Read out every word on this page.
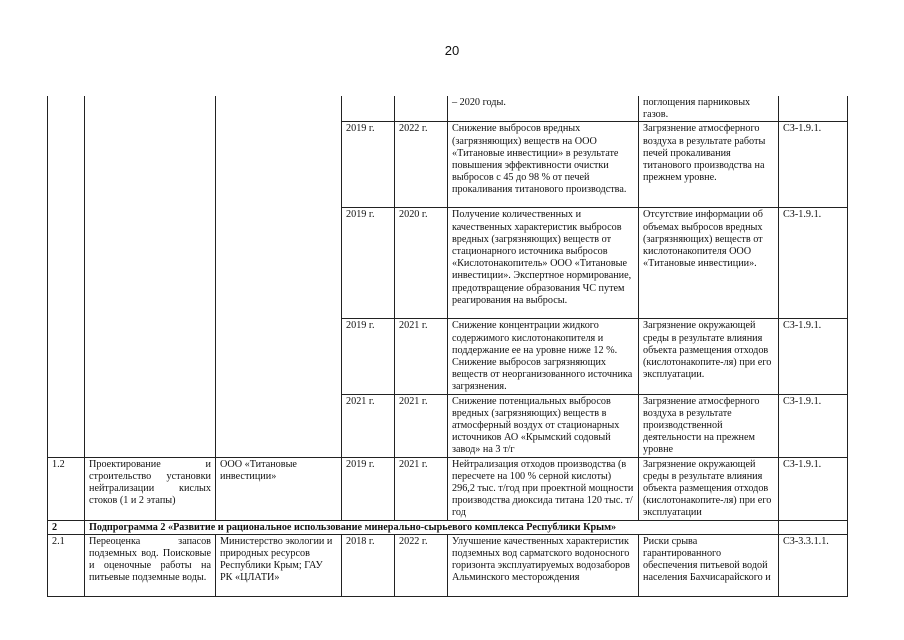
20
					– 2020 годы.	поглощения парниковых газов.	
			2019 г.	2022 г.	Снижение выбросов вредных (загрязняющих) веществ на ООО «Титановые инвестиции» в результате повышения эффективности очистки выбросов с 45 до 98 % от печей прокаливания титанового производства.	Загрязнение атмосферного воздуха в результате работы печей прокаливания титанового производства на прежнем уровне.	СЗ-1.9.1.
			2019 г.	2020 г.	Получение количественных и качественных характеристик выбросов вредных (загрязняющих) веществ от стационарного источника выбросов «Кислотонакопитель» ООО «Титановые инвестиции». Экспертное нормирование, предотвращение образования ЧС путем реагирования на выбросы.	Отсутствие информации об объемах выбросов вредных (загрязняющих) веществ от кислотонакопителя ООО «Титановые инвестиции».	СЗ-1.9.1.
			2019 г.	2021 г.	Снижение концентрации жидкого содержимого кислотонакопителя и поддержание ее на уровне ниже 12 %. Снижение выбросов загрязняющих веществ от неорганизованного источника загрязнения.	Загрязнение окружающей среды в результате влияния объекта размещения отходов (кислотонакопите-ля) при его эксплуатации.	СЗ-1.9.1.
			2021 г.	2021 г.	Снижение потенциальных выбросов вредных (загрязняющих) веществ в атмосферный воздух от стационарных источников АО «Крымский содовый завод» на 3 т/г	Загрязнение атмосферного воздуха в результате производственной деятельности на прежнем уровне	СЗ-1.9.1.
1.2	Проектирование и строительство установки нейтрализации кислых стоков (1 и 2 этапы)	ООО «Титановые инвестиции»	2019 г.	2021 г.	Нейтрализация отходов производства (в пересчете на 100 % серной кислоты) 296,2 тыс. т/год при проектной мощности производства диоксида титана 120 тыс. т/год	Загрязнение окружающей среды в результате влияния объекта размещения отходов (кислотонакопите-ля) при его эксплуатации	СЗ-1.9.1.
2	Подпрограмма 2 «Развитие и рациональное использование минерально-сырьевого комплекса Республики Крым»						
2.1	Переоценка запасов подземных вод. Поисковые и оценочные работы на питьевые подземные воды.	Министерство экологии и природных ресурсов Республики Крым; ГАУ РК «ЦЛАТИ»	2018 г.	2022 г.	Улучшение качественных характеристик подземных вод сарматского водоносного горизонта эксплуатируемых водозаборов Альминского месторождения	Риски срыва гарантированного обеспечения питьевой водой населения Бахчисарайского и	СЗ-3.3.1.1.
